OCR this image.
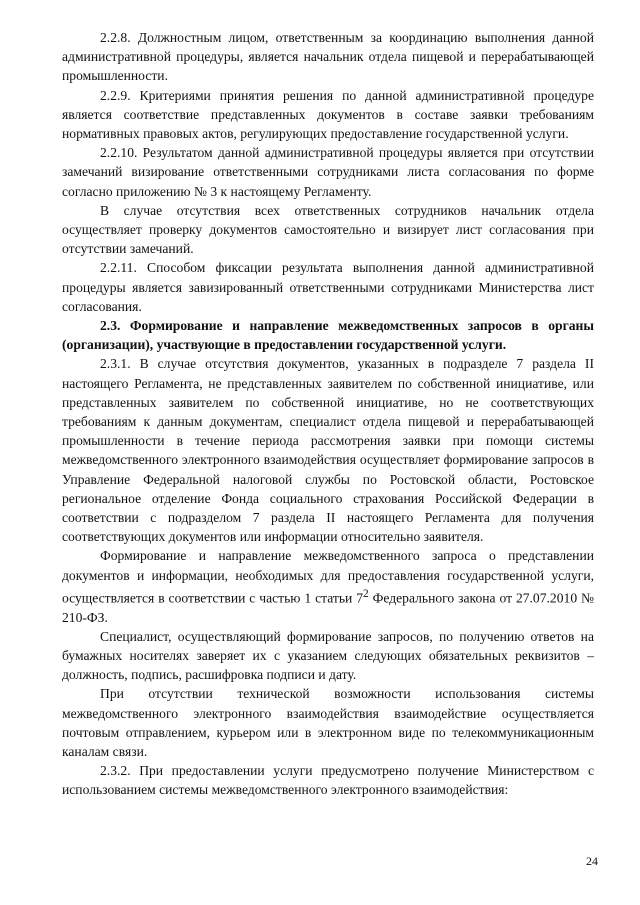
2.2.8. Должностным лицом, ответственным за координацию выполнения данной административной процедуры, является начальник отдела пищевой и перерабатывающей промышленности.

2.2.9. Критериями принятия решения по данной административной процедуре является соответствие представленных документов в составе заявки требованиям нормативных правовых актов, регулирующих предоставление государственной услуги.

2.2.10. Результатом данной административной процедуры является при отсутствии замечаний визирование ответственными сотрудниками листа согласования по форме согласно приложению № 3 к настоящему Регламенту.

В случае отсутствия всех ответственных сотрудников начальник отдела осуществляет проверку документов самостоятельно и визирует лист согласования при отсутствии замечаний.

2.2.11. Способом фиксации результата выполнения данной административной процедуры является завизированный ответственными сотрудниками Министерства лист согласования.

2.3. Формирование и направление межведомственных запросов в органы (организации), участвующие в предоставлении государственной услуги.

2.3.1. В случае отсутствия документов, указанных в подразделе 7 раздела II настоящего Регламента, не представленных заявителем по собственной инициативе, или представленных заявителем по собственной инициативе, но не соответствующих требованиям к данным документам, специалист отдела пищевой и перерабатывающей промышленности в течение периода рассмотрения заявки при помощи системы межведомственного электронного взаимодействия осуществляет формирование запросов в Управление Федеральной налоговой службы по Ростовской области, Ростовское региональное отделение Фонда социального страхования Российской Федерации в соответствии с подразделом 7 раздела II настоящего Регламента для получения соответствующих документов или информации относительно заявителя.

Формирование и направление межведомственного запроса о представлении документов и информации, необходимых для предоставления государственной услуги, осуществляется в соответствии с частью 1 статьи $7^2$ Федерального закона от 27.07.2010 № 210-ФЗ.

Специалист, осуществляющий формирование запросов, по получению ответов на бумажных носителях заверяет их с указанием следующих обязательных реквизитов – должность, подпись, расшифровка подписи и дату.

При отсутствии технической возможности использования системы межведомственного электронного взаимодействия взаимодействие осуществляется почтовым отправлением, курьером или в электронном виде по телекоммуникационным каналам связи.

2.3.2. При предоставлении услуги предусмотрено получение Министерством с использованием системы межведомственного электронного взаимодействия:

24
